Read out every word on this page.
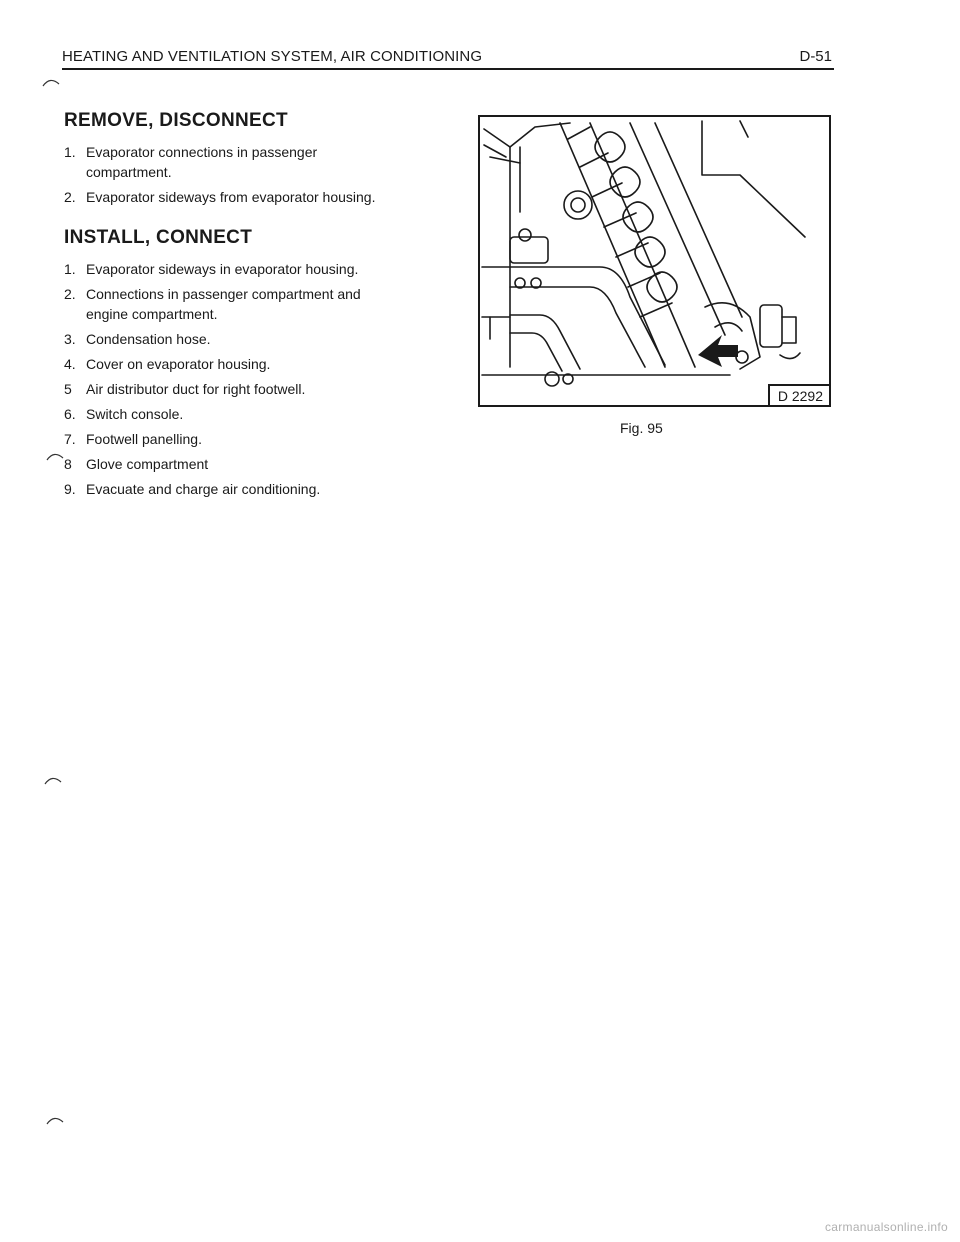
HEATING AND VENTILATION SYSTEM, AIR CONDITIONING	D-51
REMOVE, DISCONNECT
1. Evaporator connections in passenger compartment.
2. Evaporator sideways from evaporator housing.
INSTALL, CONNECT
1. Evaporator sideways in evaporator housing.
2. Connections in passenger compartment and engine compartment.
3. Condensation hose.
4. Cover on evaporator housing.
5 Air distributor duct for right footwell.
6. Switch console.
7. Footwell panelling.
8 Glove compartment
9. Evacuate and charge air conditioning.
D 2292
Fig. 95
carmanualsonline.info
